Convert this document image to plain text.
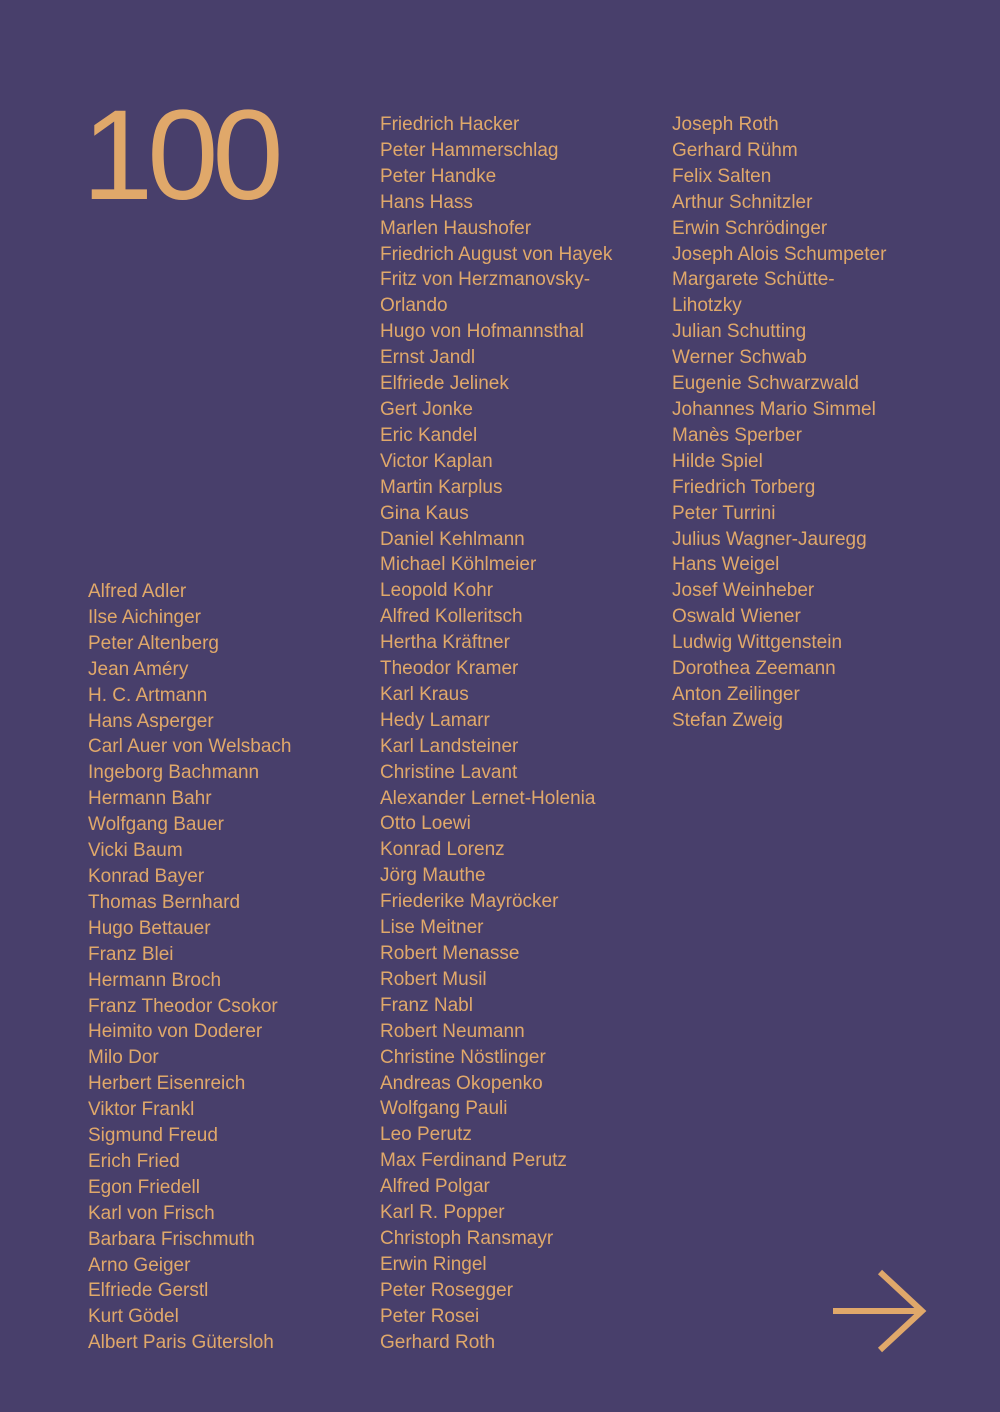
100
Alfred Adler
Ilse Aichinger
Peter Altenberg
Jean Améry
H. C. Artmann
Hans Asperger
Carl Auer von Welsbach
Ingeborg Bachmann
Hermann Bahr
Wolfgang Bauer
Vicki Baum
Konrad Bayer
Thomas Bernhard
Hugo Bettauer
Franz Blei
Hermann Broch
Franz Theodor Csokor
Heimito von Doderer
Milo Dor
Herbert Eisenreich
Viktor Frankl
Sigmund Freud
Erich Fried
Egon Friedell
Karl von Frisch
Barbara Frischmuth
Arno Geiger
Elfriede Gerstl
Kurt Gödel
Albert Paris Gütersloh
Friedrich Hacker
Peter Hammerschlag
Peter Handke
Hans Hass
Marlen Haushofer
Friedrich August von Hayek
Fritz von Herzmanovsky-
Orlando
Hugo von Hofmannsthal
Ernst Jandl
Elfriede Jelinek
Gert Jonke
Eric Kandel
Victor Kaplan
Martin Karplus
Gina Kaus
Daniel Kehlmann
Michael Köhlmeier
Leopold Kohr
Alfred Kolleritsch
Hertha Kräftner
Theodor Kramer
Karl Kraus
Hedy Lamarr
Karl Landsteiner
Christine Lavant
Alexander Lernet-Holenia
Otto Loewi
Konrad Lorenz
Jörg Mauthe
Friederike Mayröcker
Lise Meitner
Robert Menasse
Robert Musil
Franz Nabl
Robert Neumann
Christine Nöstlinger
Andreas Okopenko
Wolfgang Pauli
Leo Perutz
Max Ferdinand Perutz
Alfred Polgar
Karl R. Popper
Christoph Ransmayr
Erwin Ringel
Peter Rosegger
Peter Rosei
Gerhard Roth
Joseph Roth
Gerhard Rühm
Felix Salten
Arthur Schnitzler
Erwin Schrödinger
Joseph Alois Schumpeter
Margarete Schütte-
Lihotzky
Julian Schutting
Werner Schwab
Eugenie Schwarzwald
Johannes Mario Simmel
Manès Sperber
Hilde Spiel
Friedrich Torberg
Peter Turrini
Julius Wagner-Jauregg
Hans Weigel
Josef Weinheber
Oswald Wiener
Ludwig Wittgenstein
Dorothea Zeemann
Anton Zeilinger
Stefan Zweig
